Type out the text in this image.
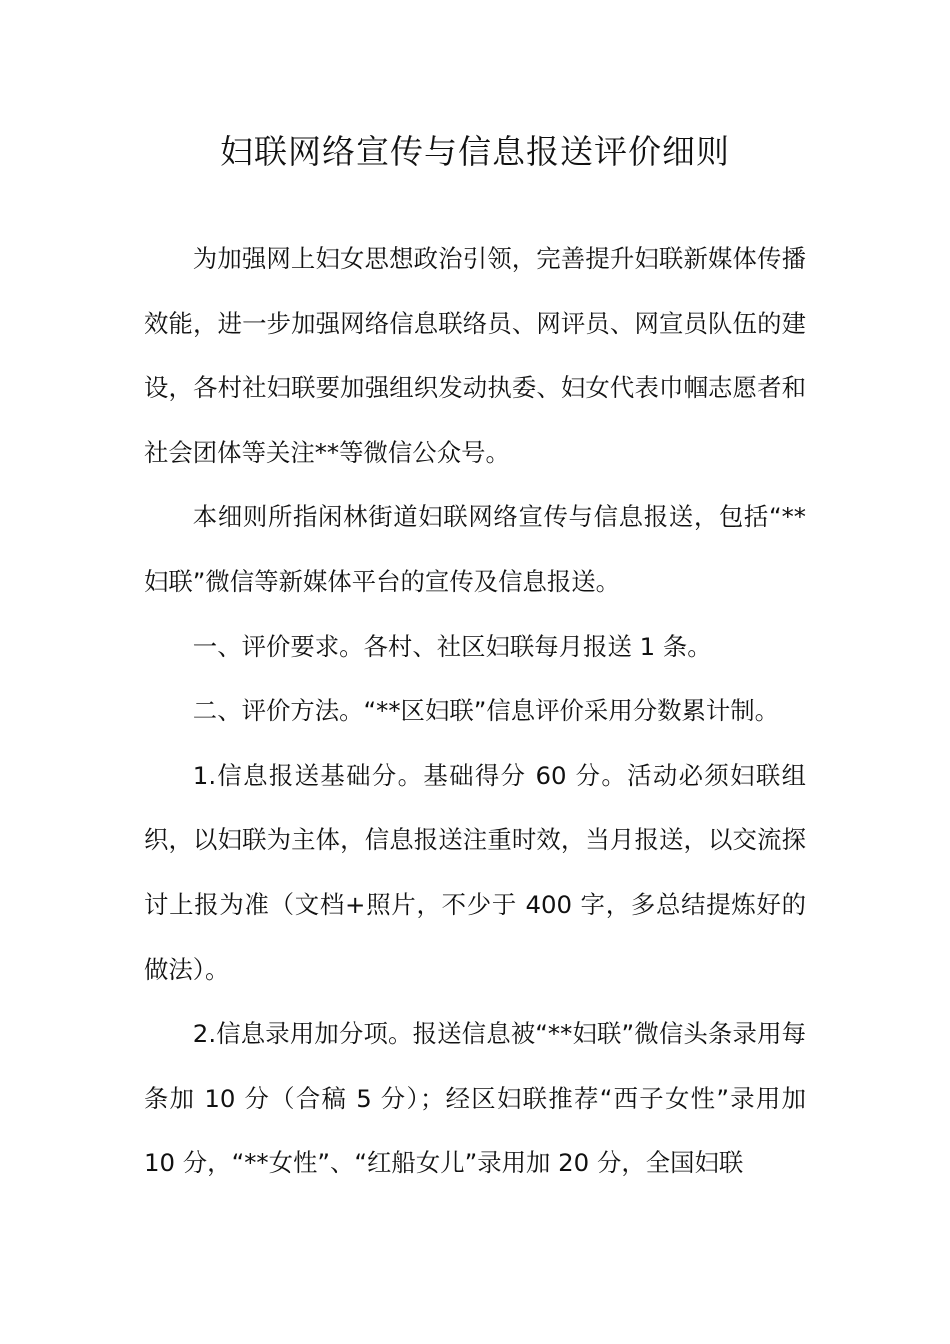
妇联网络宣传与信息报送评价细则

为加强网上妇女思想政治引领，完善提升妇联新媒体传播效能，进一步加强网络信息联络员、网评员、网宣员队伍的建设，各村社妇联要加强组织发动执委、妇女代表巾帼志愿者和社会团体等关注**等微信公众号。

本细则所指闲林街道妇联网络宣传与信息报送，包括“**妇联”微信等新媒体平台的宣传及信息报送。

一、评价要求。各村、社区妇联每月报送 1 条。

二、评价方法。“**区妇联”信息评价采用分数累计制。

1.信息报送基础分。基础得分 60 分。活动必须妇联组织，以妇联为主体，信息报送注重时效，当月报送，以交流探讨上报为准（文档+照片，不少于 400 字，多总结提炼好的做法）。

2.信息录用加分项。报送信息被“**妇联”微信头条录用每条加 10 分（合稿 5 分）；经区妇联推荐“西子女性”录用加 10 分，“**女性”、“红船女儿”录用加 20 分，全国妇联
